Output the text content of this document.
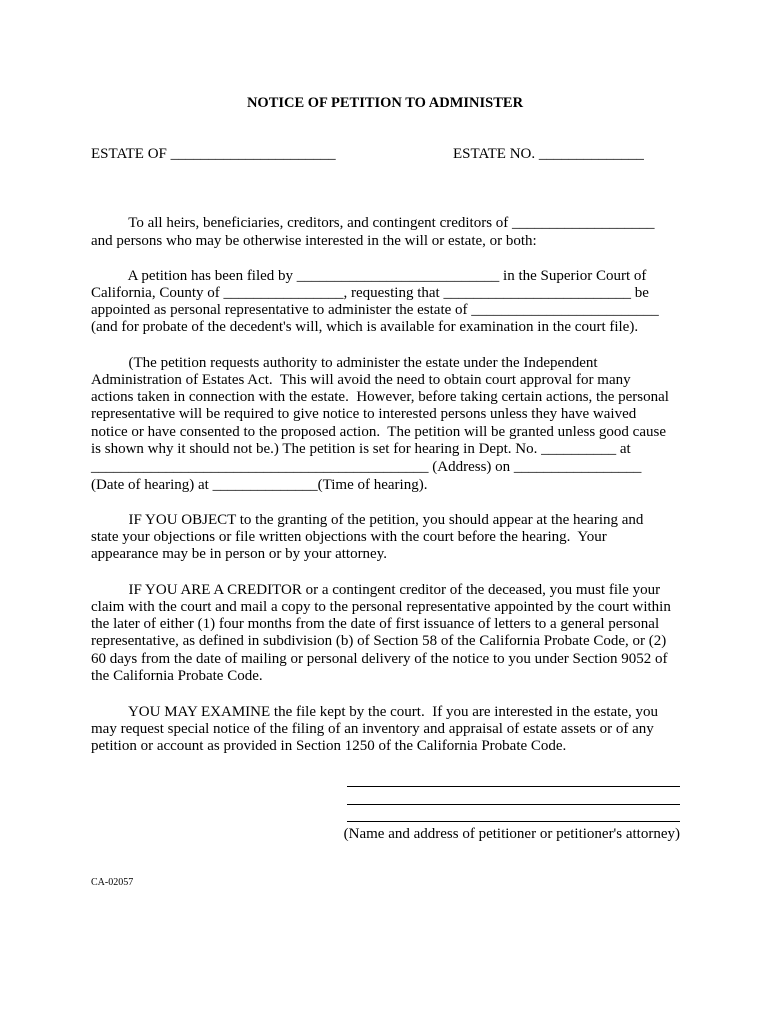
NOTICE OF PETITION TO ADMINISTER
ESTATE OF ______________________	ESTATE NO. ______________
To all heirs, beneficiaries, creditors, and contingent creditors of ___________________
and persons who may be otherwise interested in the will or estate, or both:
A petition has been filed by ___________________________ in the Superior Court of
California, County of ________________, requesting that _________________________ be
appointed as personal representative to administer the estate of _________________________
(and for probate of the decedent's will, which is available for examination in the court file).
(The petition requests authority to administer the estate under the Independent
Administration of Estates Act.  This will avoid the need to obtain court approval for many
actions taken in connection with the estate.  However, before taking certain actions, the personal
representative will be required to give notice to interested persons unless they have waived
notice or have consented to the proposed action.  The petition will be granted unless good cause
is shown why it should not be.) The petition is set for hearing in Dept. No. __________ at
_____________________________________________ (Address) on _________________
(Date of hearing) at ______________(Time of hearing).
IF YOU OBJECT to the granting of the petition, you should appear at the hearing and
state your objections or file written objections with the court before the hearing.  Your
appearance may be in person or by your attorney.
IF YOU ARE A CREDITOR or a contingent creditor of the deceased, you must file your
claim with the court and mail a copy to the personal representative appointed by the court within
the later of either (1) four months from the date of first issuance of letters to a general personal
representative, as defined in subdivision (b) of Section 58 of the California Probate Code, or (2)
60 days from the date of mailing or personal delivery of the notice to you under Section 9052 of
the California Probate Code.
YOU MAY EXAMINE the file kept by the court.  If you are interested in the estate, you
may request special notice of the filing of an inventory and appraisal of estate assets or of any
petition or account as provided in Section 1250 of the California Probate Code.
(Name and address of petitioner or petitioner's attorney)
CA-02057
